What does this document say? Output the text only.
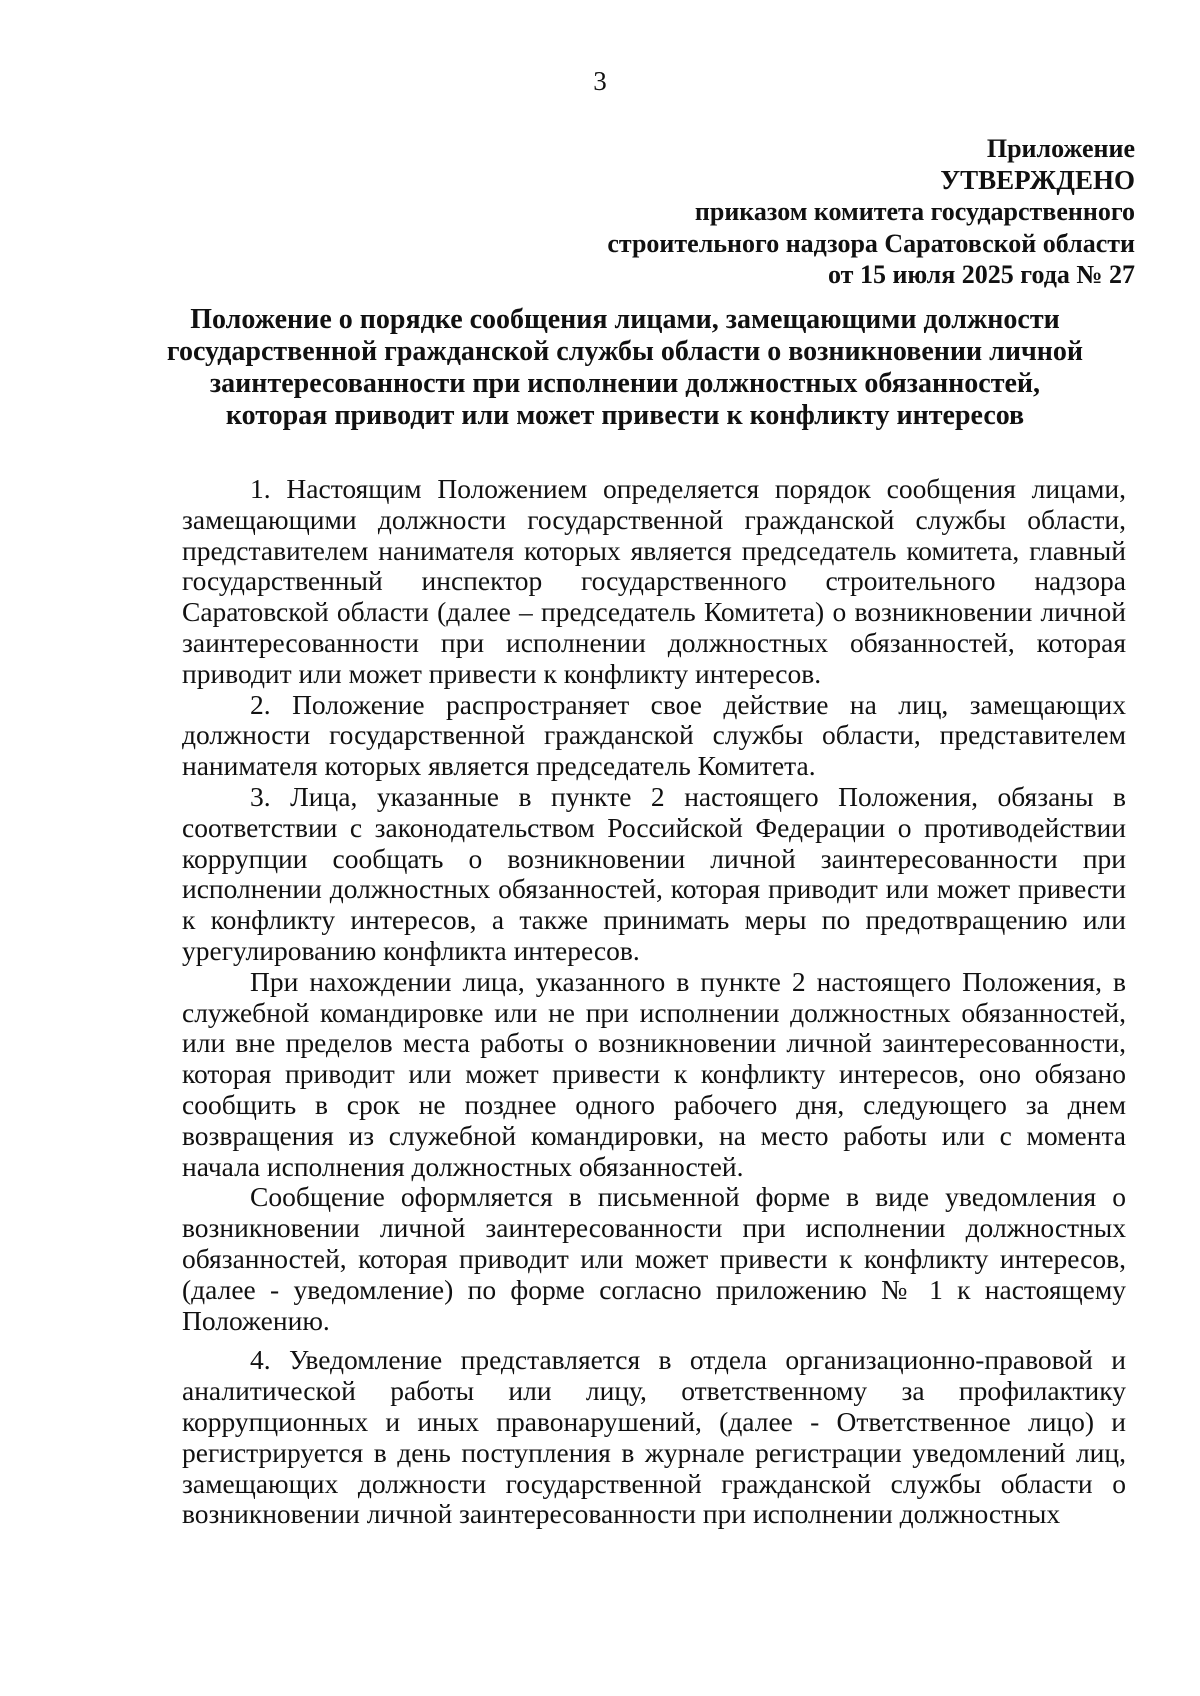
3
Приложение
УТВЕРЖДЕНО
приказом комитета государственного
строительного надзора Саратовской области
от 15 июля 2025 года № 27
Положение о порядке сообщения лицами, замещающими должности
государственной гражданской службы области о возникновении личной
заинтересованности при исполнении должностных обязанностей,
которая приводит или может привести к конфликту интересов

1. Настоящим Положением определяется порядок сообщения лицами, замещающими должности государственной гражданской службы области, представителем нанимателя которых является председатель комитета, главный государственный инспектор государственного строительного надзора Саратовской области (далее – председатель Комитета) о возникновении личной заинтересованности при исполнении должностных обязанностей, которая приводит или может привести к конфликту интересов.

2. Положение распространяет свое действие на лиц, замещающих должности государственной гражданской службы области, представителем нанимателя которых является председатель Комитета.

3. Лица, указанные в пункте 2 настоящего Положения, обязаны в соответствии с законодательством Российской Федерации о противодействии коррупции сообщать о возникновении личной заинтересованности при исполнении должностных обязанностей, которая приводит или может привести к конфликту интересов, а также принимать меры по предотвращению или урегулированию конфликта интересов.

При нахождении лица, указанного в пункте 2 настоящего Положения, в служебной командировке или не при исполнении должностных обязанностей, или вне пределов места работы о возникновении личной заинтересованности, которая приводит или может привести к конфликту интересов, оно обязано сообщить в срок не позднее одного рабочего дня, следующего за днем возвращения из служебной командировки, на место работы или с момента начала исполнения должностных обязанностей.

Сообщение оформляется в письменной форме в виде уведомления о возникновении личной заинтересованности при исполнении должностных обязанностей, которая приводит или может привести к конфликту интересов, (далее - уведомление) по форме согласно приложению № 1 к настоящему Положению.

4. Уведомление представляется в отдела организационно-правовой и аналитической работы или лицу, ответственному за профилактику коррупционных и иных правонарушений, (далее - Ответственное лицо) и регистрируется в день поступления в журнале регистрации уведомлений лиц, замещающих должности государственной гражданской службы области о возникновении личной заинтересованности при исполнении должностных
